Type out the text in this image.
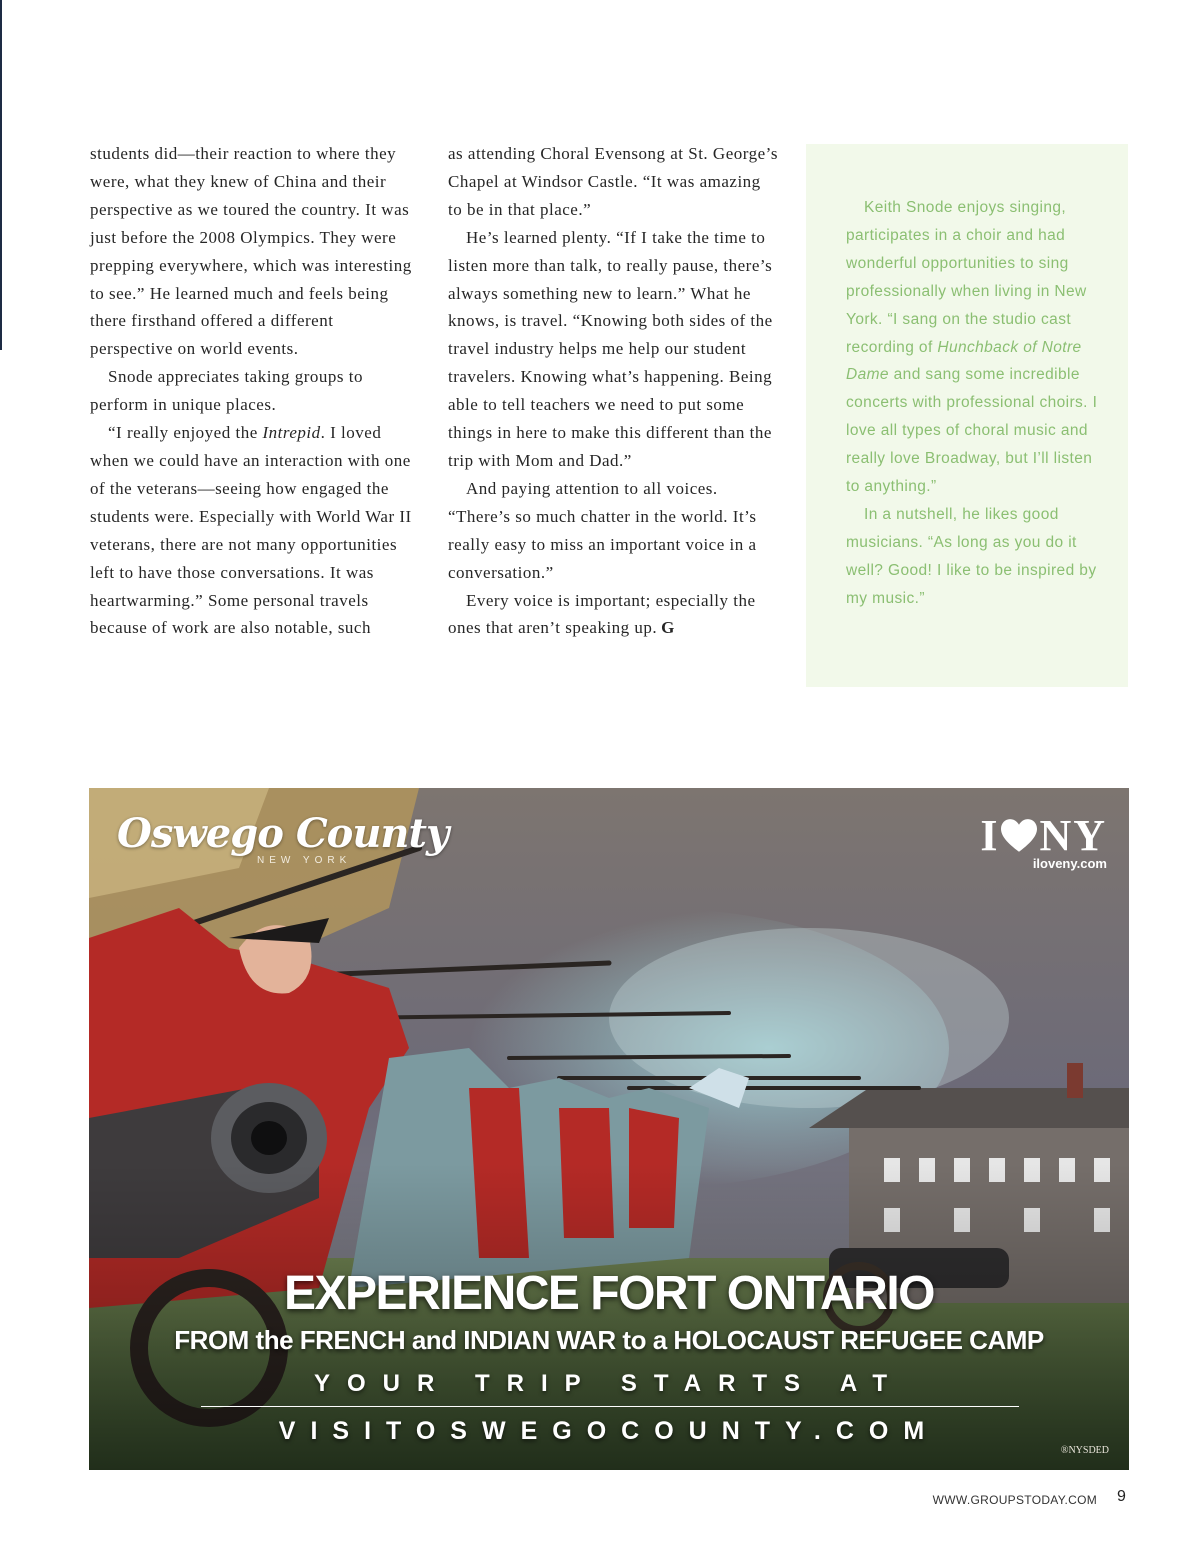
students did—their reaction to where they were, what they knew of China and their perspective as we toured the country. It was just before the 2008 Olympics. They were prepping everywhere, which was interesting to see.” He learned much and feels being there firsthand offered a different perspective on world events.

Snode appreciates taking groups to perform in unique places.

“I really enjoyed the Intrepid. I loved when we could have an interaction with one of the veterans—seeing how engaged the students were. Especially with World War II veterans, there are not many opportunities left to have those conversations. It was heartwarming.” Some personal travels because of work are also notable, such

as attending Choral Evensong at St. George’s Chapel at Windsor Castle. “It was amazing to be in that place.”

He’s learned plenty. “If I take the time to listen more than talk, to really pause, there’s always something new to learn.” What he knows, is travel. “Knowing both sides of the travel industry helps me help our student travelers. Knowing what’s happening. Being able to tell teachers we need to put some things in here to make this different than the trip with Mom and Dad.”

And paying attention to all voices. “There’s so much chatter in the world. It’s really easy to miss an important voice in a conversation.”

Every voice is important; especially the ones that aren’t speaking up. G

Keith Snode enjoys singing, participates in a choir and had wonderful opportunities to sing professionally when living in New York. “I sang on the studio cast recording of Hunchback of Notre Dame and sang some incredible concerts with professional choirs. I love all types of choral music and really love Broadway, but I’ll listen to anything.”

In a nutshell, he likes good musicians. “As long as you do it well? Good! I like to be inspired by my music.”

Oswego County
NEW YORK
I NY
iloveny.com
EXPERIENCE FORT ONTARIO
FROM the FRENCH and INDIAN WAR to a HOLOCAUST REFUGEE CAMP
YOUR TRIP STARTS AT
VISITOSWEGOCOUNTY.COM
®NYSDED
WWW.GROUPSTODAY.COM 9
